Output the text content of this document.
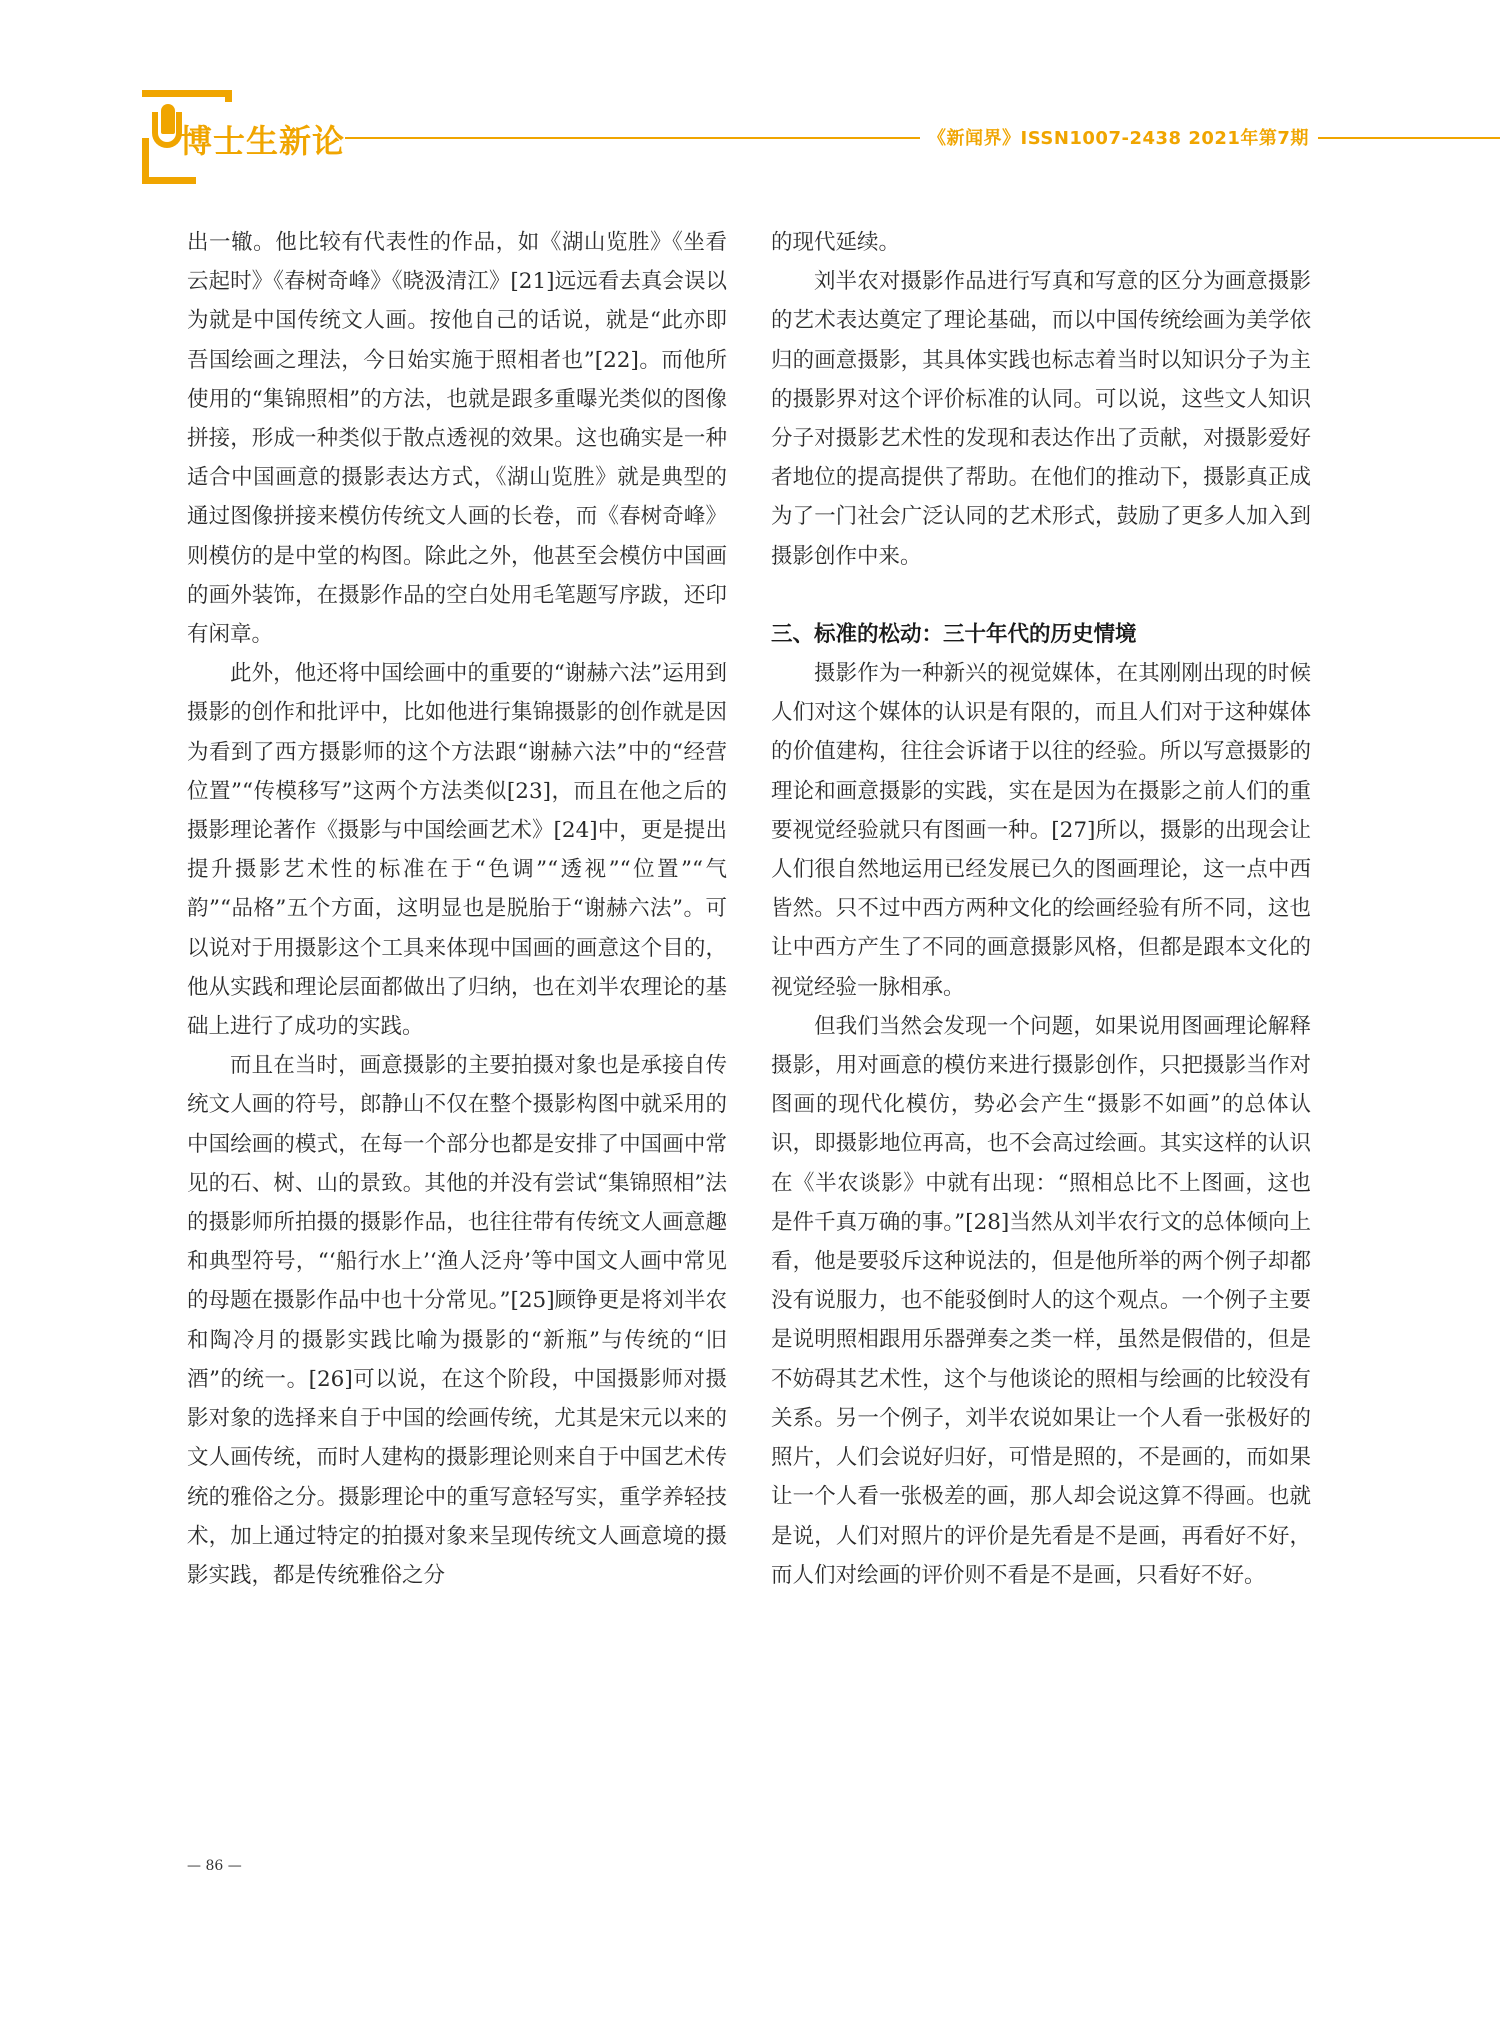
博士生新论	《新闻界》ISSN1007-2438 2021年第7期

出一辙。他比较有代表性的作品，如《湖山览胜》《坐看云起时》《春树奇峰》《晓汲清江》[21]远远看去真会误以为就是中国传统文人画。按他自己的话说，就是“此亦即吾国绘画之理法，今日始实施于照相者也”[22]。而他所使用的“集锦照相”的方法，也就是跟多重曝光类似的图像拼接，形成一种类似于散点透视的效果。这也确实是一种适合中国画意的摄影表达方式，《湖山览胜》就是典型的通过图像拼接来模仿传统文人画的长卷，而《春树奇峰》则模仿的是中堂的构图。除此之外，他甚至会模仿中国画的画外装饰，在摄影作品的空白处用毛笔题写序跋，还印有闲章。

此外，他还将中国绘画中的重要的“谢赫六法”运用到摄影的创作和批评中，比如他进行集锦摄影的创作就是因为看到了西方摄影师的这个方法跟“谢赫六法”中的“经营位置”“传模移写”这两个方法类似[23]，而且在他之后的摄影理论著作《摄影与中国绘画艺术》[24]中，更是提出提升摄影艺术性的标准在于“色调”“透视”“位置”“气韵”“品格”五个方面，这明显也是脱胎于“谢赫六法”。可以说对于用摄影这个工具来体现中国画的画意这个目的，他从实践和理论层面都做出了归纳，也在刘半农理论的基础上进行了成功的实践。

而且在当时，画意摄影的主要拍摄对象也是承接自传统文人画的符号，郎静山不仅在整个摄影构图中就采用的中国绘画的模式，在每一个部分也都是安排了中国画中常见的石、树、山的景致。其他的并没有尝试“集锦照相”法的摄影师所拍摄的摄影作品，也往往带有传统文人画意趣和典型符号，“‘船行水上’‘渔人泛舟’等中国文人画中常见的母题在摄影作品中也十分常见。”[25]顾铮更是将刘半农和陶冷月的摄影实践比喻为摄影的“新瓶”与传统的“旧酒”的统一。[26]可以说，在这个阶段，中国摄影师对摄影对象的选择来自于中国的绘画传统，尤其是宋元以来的文人画传统，而时人建构的摄影理论则来自于中国艺术传统的雅俗之分。摄影理论中的重写意轻写实，重学养轻技术，加上通过特定的拍摄对象来呈现传统文人画意境的摄影实践，都是传统雅俗之分

的现代延续。

刘半农对摄影作品进行写真和写意的区分为画意摄影的艺术表达奠定了理论基础，而以中国传统绘画为美学依归的画意摄影，其具体实践也标志着当时以知识分子为主的摄影界对这个评价标准的认同。可以说，这些文人知识分子对摄影艺术性的发现和表达作出了贡献，对摄影爱好者地位的提高提供了帮助。在他们的推动下，摄影真正成为了一门社会广泛认同的艺术形式，鼓励了更多人加入到摄影创作中来。

三、标准的松动：三十年代的历史情境

摄影作为一种新兴的视觉媒体，在其刚刚出现的时候人们对这个媒体的认识是有限的，而且人们对于这种媒体的价值建构，往往会诉诸于以往的经验。所以写意摄影的理论和画意摄影的实践，实在是因为在摄影之前人们的重要视觉经验就只有图画一种。[27]所以，摄影的出现会让人们很自然地运用已经发展已久的图画理论，这一点中西皆然。只不过中西方两种文化的绘画经验有所不同，这也让中西方产生了不同的画意摄影风格，但都是跟本文化的视觉经验一脉相承。

但我们当然会发现一个问题，如果说用图画理论解释摄影，用对画意的模仿来进行摄影创作，只把摄影当作对图画的现代化模仿，势必会产生“摄影不如画”的总体认识，即摄影地位再高，也不会高过绘画。其实这样的认识在《半农谈影》中就有出现：“照相总比不上图画，这也是件千真万确的事。”[28]当然从刘半农行文的总体倾向上看，他是要驳斥这种说法的，但是他所举的两个例子却都没有说服力，也不能驳倒时人的这个观点。一个例子主要是说明照相跟用乐器弹奏之类一样，虽然是假借的，但是不妨碍其艺术性，这个与他谈论的照相与绘画的比较没有关系。另一个例子，刘半农说如果让一个人看一张极好的照片，人们会说好归好，可惜是照的，不是画的，而如果让一个人看一张极差的画，那人却会说这算不得画。也就是说，人们对照片的评价是先看是不是画，再看好不好，而人们对绘画的评价则不看是不是画，只看好不好。

— 86 —
